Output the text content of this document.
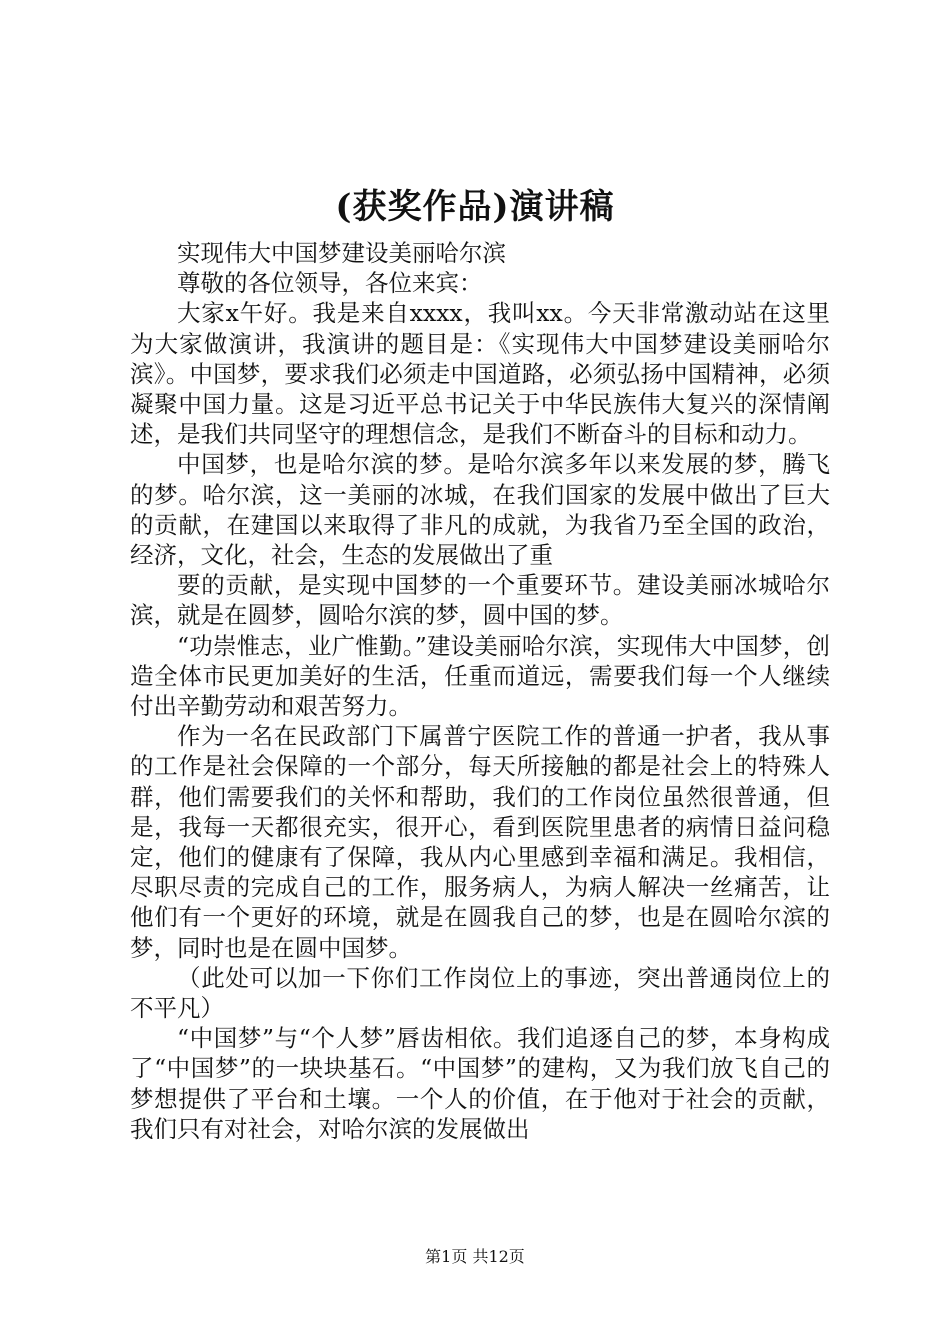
(获奖作品)演讲稿

实现伟大中国梦建设美丽哈尔滨

尊敬的各位领导，各位来宾：

大家x午好。我是来自xxxx，我叫xx。今天非常激动站在这里为大家做演讲，我演讲的题目是：《实现伟大中国梦建设美丽哈尔滨》。中国梦，要求我们必须走中国道路，必须弘扬中国精神，必须凝聚中国力量。这是习近平总书记关于中华民族伟大复兴的深情阐述，是我们共同坚守的理想信念，是我们不断奋斗的目标和动力。

中国梦，也是哈尔滨的梦。是哈尔滨多年以来发展的梦，腾飞的梦。哈尔滨，这一美丽的冰城，在我们国家的发展中做出了巨大的贡献，在建国以来取得了非凡的成就，为我省乃至全国的政治，经济，文化，社会，生态的发展做出了重

要的贡献，是实现中国梦的一个重要环节。建设美丽冰城哈尔滨，就是在圆梦，圆哈尔滨的梦，圆中国的梦。

“功崇惟志，业广惟勤。”建设美丽哈尔滨，实现伟大中国梦，创造全体市民更加美好的生活，任重而道远，需要我们每一个人继续付出辛勤劳动和艰苦努力。

作为一名在民政部门下属普宁医院工作的普通一护者，我从事的工作是社会保障的一个部分，每天所接触的都是社会上的特殊人群，他们需要我们的关怀和帮助，我们的工作岗位虽然很普通，但是，我每一天都很充实，很开心，看到医院里患者的病情日益问稳定，他们的健康有了保障，我从内心里感到幸福和满足。我相信，尽职尽责的完成自己的工作，服务病人，为病人解决一丝痛苦，让他们有一个更好的环境，就是在圆我自己的梦，也是在圆哈尔滨的梦，同时也是在圆中国梦。

（此处可以加一下你们工作岗位上的事迹，突出普通岗位上的不平凡）

“中国梦”与“个人梦”唇齿相依。我们追逐自己的梦，本身构成了“中国梦”的一块块基石。“中国梦”的建构，又为我们放飞自己的梦想提供了平台和土壤。一个人的价值，在于他对于社会的贡献，我们只有对社会，对哈尔滨的发展做出

第1页 共12页
